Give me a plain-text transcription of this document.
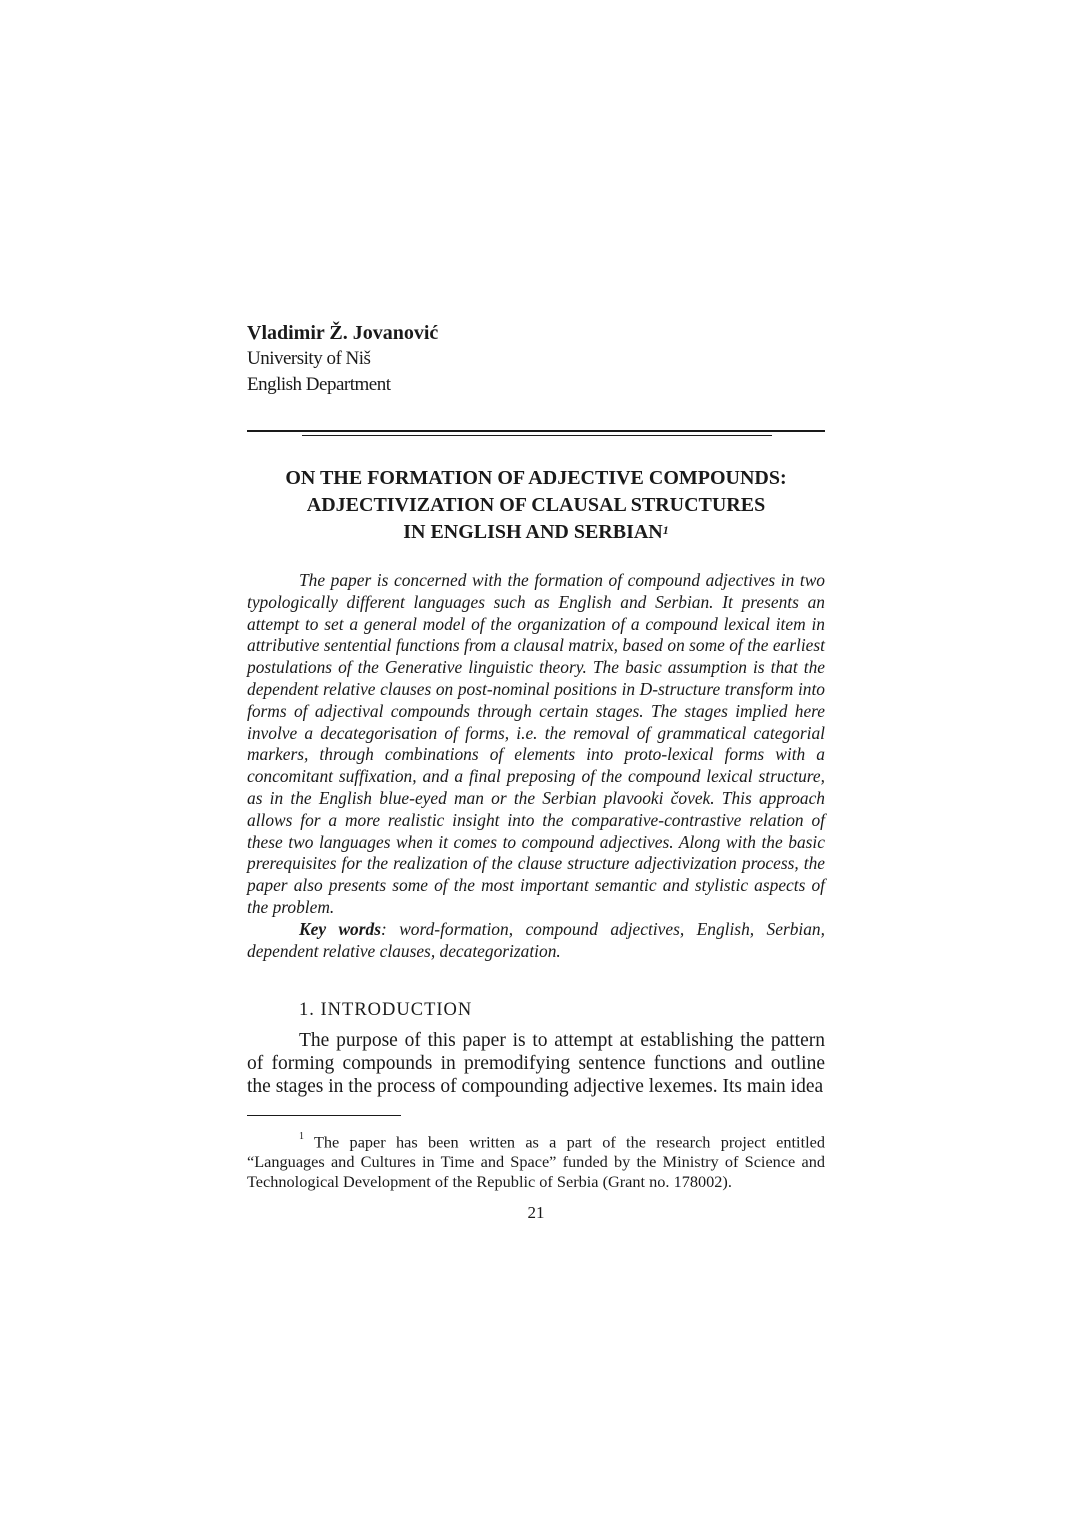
Vladimir Ž. Jovanović
University of Niš
English Department
ON THE FORMATION OF ADJECTIVE COMPOUNDS:
ADJECTIVIZATION OF CLAUSAL STRUCTURES
IN ENGLISH AND SERBIAN$^1$

The paper is concerned with the formation of compound adjectives in two typologically different languages such as English and Serbian. It presents an attempt to set a general model of the organization of a compound lexical item in attributive sentential functions from a clausal matrix, based on some of the earliest postulations of the Generative linguistic theory. The basic assumption is that the dependent relative clauses on post-nominal positions in D-structure transform into forms of adjectival compounds through certain stages. The stages implied here involve a decategorisation of forms, i.e. the removal of grammatical categorial markers, through combinations of elements into proto-lexical forms with a concomitant suffixation, and a final preposing of the compound lexical structure, as in the English blue-eyed man or the Serbian plavooki čovek. This approach allows for a more realistic insight into the comparative-contrastive relation of these two languages when it comes to compound adjectives. Along with the basic prerequisites for the realization of the clause structure adjectivization process, the paper also presents some of the most important semantic and stylistic aspects of the problem.

Key words: word-formation, compound adjectives, English, Serbian, dependent relative clauses, decategorization.

1. INTRODUCTION

The purpose of this paper is to attempt at establishing the pattern of forming compounds in premodifying sentence functions and outline the stages in the process of compounding adjective lexemes. Its main idea

$^1$ The paper has been written as a part of the research project entitled “Languages and Cultures in Time and Space” funded by the Ministry of Science and Technological Development of the Republic of Serbia (Grant no. 178002).

21
